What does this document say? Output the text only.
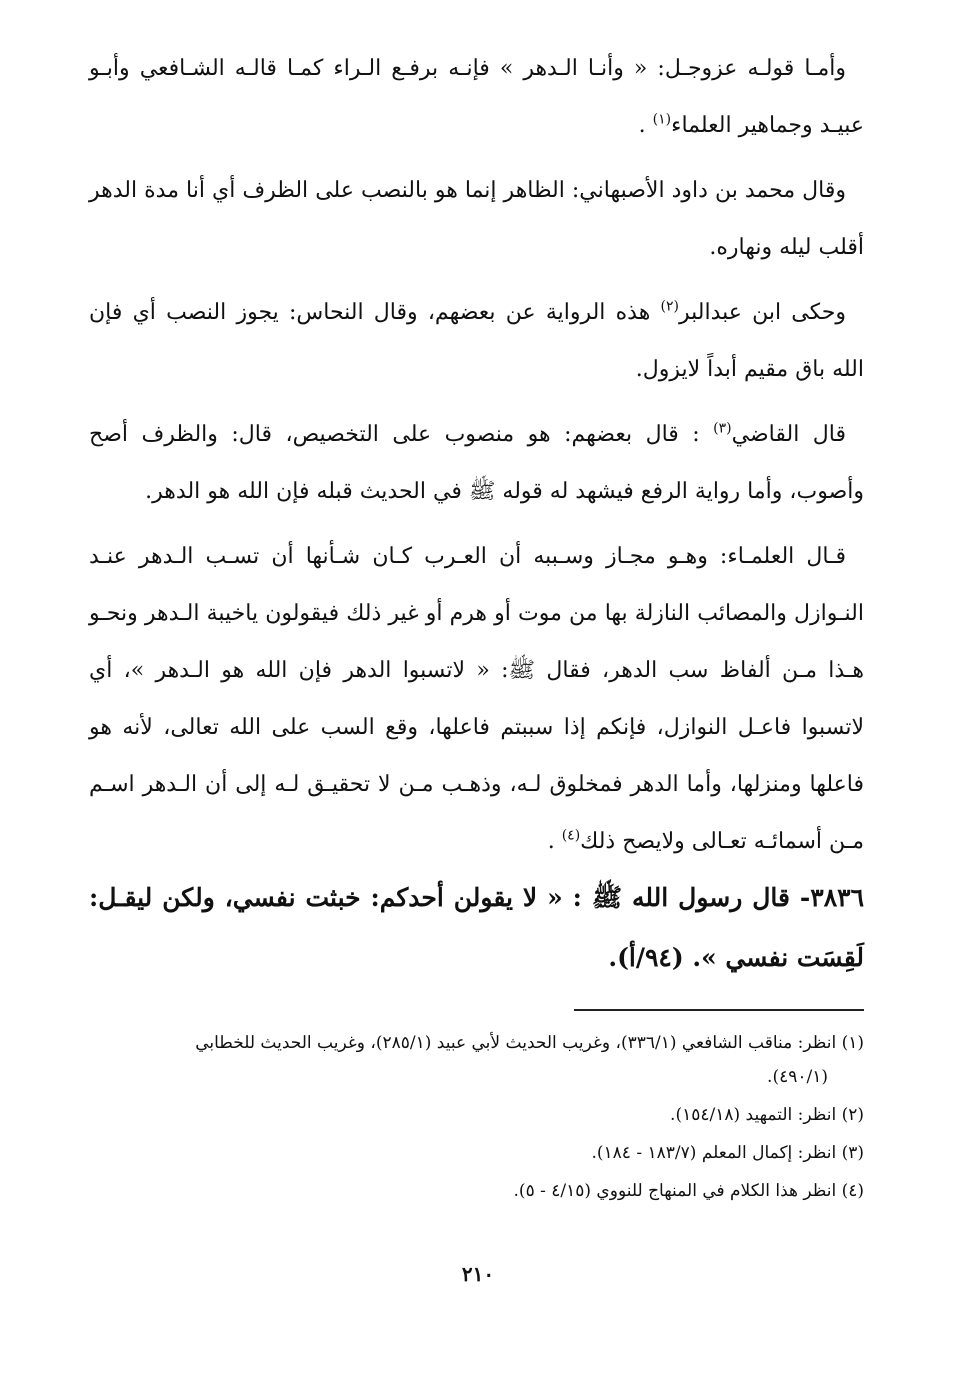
وأمـا قولـه عزوجـل: « وأنـا الـدهر » فإنـه برفـع الـراء كمـا قالـه الشـافعي وأبـو عبيـد وجماهير العلماء$^{(١)}$ .

وقال محمد بن داود الأصبهاني: الظاهر إنما هو بالنصب على الظرف أي أنا مدة الدهر أقلب ليله ونهاره.

وحكى ابن عبدالبر$^{(٢)}$ هذه الرواية عن بعضهم، وقال النحاس: يجوز النصب أي فإن الله باق مقيم أبداً لايزول.

قال القاضي$^{(٣)}$ : قال بعضهم: هو منصوب على التخصيص، قال: والظرف أصح وأصوب، وأما رواية الرفع فيشهد له قوله ﷺ في الحديث قبله فإن الله هو الدهر.

قـال العلمـاء: وهـو مجـاز وسـببه أن العـرب كـان شـأنها أن تسـب الـدهر عنـد النـوازل والمصائب النازلة بها من موت أو هرم أو غير ذلك فيقولون ياخيبة الـدهر ونحـو هـذا مـن ألفاظ سب الدهر، فقال ﷺ: « لاتسبوا الدهر فإن الله هو الـدهر »، أي لاتسبوا فاعـل النوازل، فإنكم إذا سببتم فاعلها، وقع السب على الله تعالى، لأنه هو فاعلها ومنزلها، وأما الدهر فمخلوق لـه، وذهـب مـن لا تحقيـق لـه إلى أن الـدهر اسـم مـن أسمائـه تعـالى ولايصح ذلك$^{(٤)}$ .

٣٨٣٦- قال رسول الله ﷺ : « لا يقولن أحدكم: خبثت نفسي، ولكن ليقـل: لَقِسَت نفسي ». (٩٤/أ).

(١) انظر: مناقب الشافعي (٣٣٦/١)، وغريب الحديث لأبي عبيد (٢٨٥/١)، وغريب الحديث للخطابي
(٤٩٠/١).
(٢) انظر: التمهيد (١٥٤/١٨).
(٣) انظر: إكمال المعلم (١٨٣/٧ - ١٨٤).
(٤) انظر هذا الكلام في المنهاج للنووي (٤/١٥ - ٥).
٢١٠
